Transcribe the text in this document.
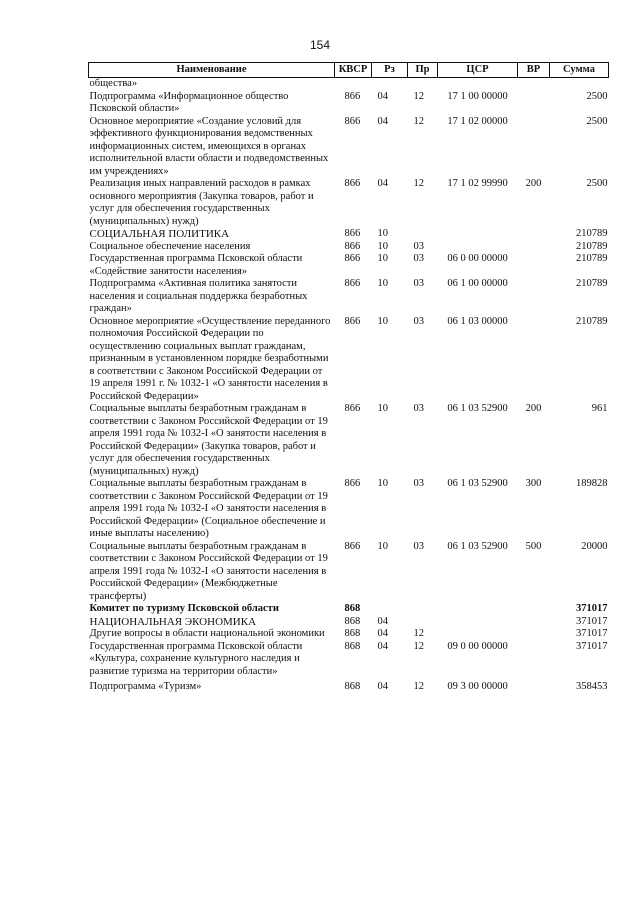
154
Наименование	КВСР	Рз	Пр	ЦСР	ВР	Сумма
общества»						
Подпрограмма «Информационное общество Псковской области»	866	04	12	17 1 00 00000		2500
Основное мероприятие «Создание условий для эффективного функционирования ведомственных информационных систем, имеющихся в органах исполнительной власти области и подведомственных им учреждениях»	866	04	12	17 1 02 00000		2500
Реализация иных направлений расходов в рамках основного мероприятия (Закупка товаров, работ и услуг для обеспечения государственных (муниципальных) нужд)	866	04	12	17 1 02 99990	200	2500
СОЦИАЛЬНАЯ ПОЛИТИКА	866	10				210789
Социальное обеспечение населения	866	10	03			210789
Государственная программа Псковской области «Содействие занятости населения»	866	10	03	06 0 00 00000		210789
Подпрограмма «Активная политика занятости населения и социальная поддержка безработных граждан»	866	10	03	06 1 00 00000		210789
Основное мероприятие «Осуществление переданного полномочия Российской Федерации по осуществлению социальных выплат гражданам, признанным в установленном порядке безработными в соответствии с Законом Российской Федерации от 19 апреля 1991 г. № 1032-1 «О занятости населения в Российской Федерации»	866	10	03	06 1 03 00000		210789
Социальные выплаты безработным гражданам в соответствии с Законом Российской Федерации от 19 апреля 1991 года № 1032-I «О занятости населения в Российской Федерации» (Закупка товаров, работ и услуг для обеспечения государственных (муниципальных) нужд)	866	10	03	06 1 03 52900	200	961
Социальные выплаты безработным гражданам в соответствии с Законом Российской Федерации от 19 апреля 1991 года № 1032-I «О занятости населения в Российской Федерации» (Социальное обеспечение и иные выплаты населению)	866	10	03	06 1 03 52900	300	189828
Социальные выплаты безработным гражданам в соответствии с Законом Российской Федерации от 19 апреля 1991 года № 1032-I «О занятости населения в Российской Федерации» (Межбюджетные трансферты)	866	10	03	06 1 03 52900	500	20000
Комитет по туризму Псковской области	868					371017
НАЦИОНАЛЬНАЯ ЭКОНОМИКА	868	04				371017
Другие вопросы в области национальной экономики	868	04	12			371017
Государственная программа Псковской области «Культура, сохранение культурного наследия и развитие туризма на территории области»	868	04	12	09 0 00 00000		371017
Подпрограмма «Туризм»	868	04	12	09 3 00 00000		358453
